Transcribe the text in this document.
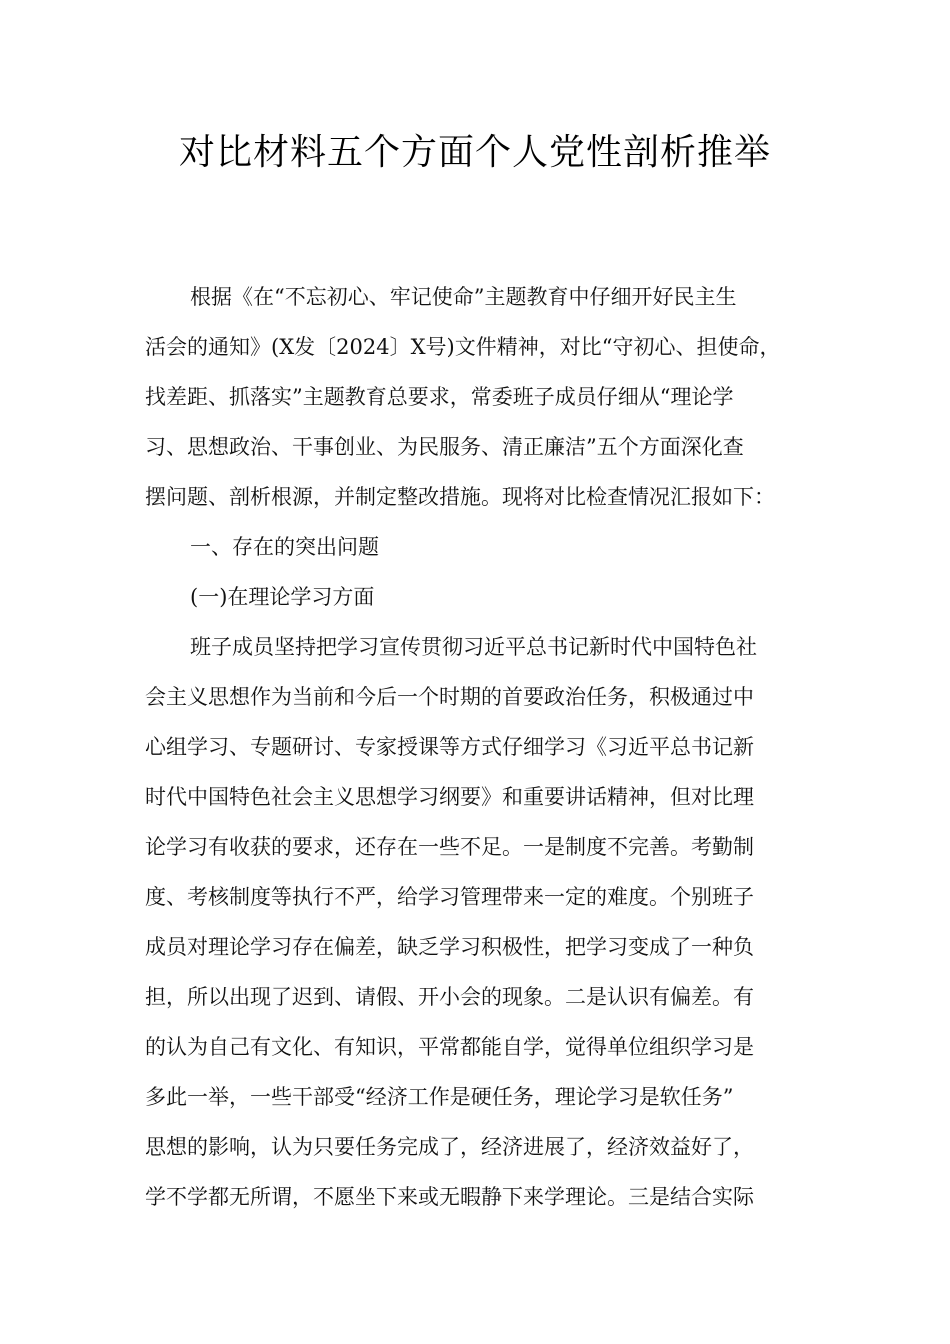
对比材料五个方面个人党性剖析推举
根据《在“不忘初心、牢记使命”主题教育中仔细开好民主生
活会的通知》(X发〔2024〕X号)文件精神，对比“守初心、担使命，
找差距、抓落实”主题教育总要求，常委班子成员仔细从“理论学
习、思想政治、干事创业、为民服务、清正廉洁”五个方面深化查
摆问题、剖析根源，并制定整改措施。现将对比检查情况汇报如下：
一、存在的突出问题
(一)在理论学习方面
班子成员坚持把学习宣传贯彻习近平总书记新时代中国特色社
会主义思想作为当前和今后一个时期的首要政治任务，积极通过中
心组学习、专题研讨、专家授课等方式仔细学习《习近平总书记新
时代中国特色社会主义思想学习纲要》和重要讲话精神，但对比理
论学习有收获的要求，还存在一些不足。一是制度不完善。考勤制
度、考核制度等执行不严，给学习管理带来一定的难度。个别班子
成员对理论学习存在偏差，缺乏学习积极性，把学习变成了一种负
担，所以出现了迟到、请假、开小会的现象。二是认识有偏差。有
的认为自己有文化、有知识，平常都能自学，觉得单位组织学习是
多此一举，一些干部受“经济工作是硬任务，理论学习是软任务”
思想的影响，认为只要任务完成了，经济进展了，经济效益好了，
学不学都无所谓，不愿坐下来或无暇静下来学理论。三是结合实际
